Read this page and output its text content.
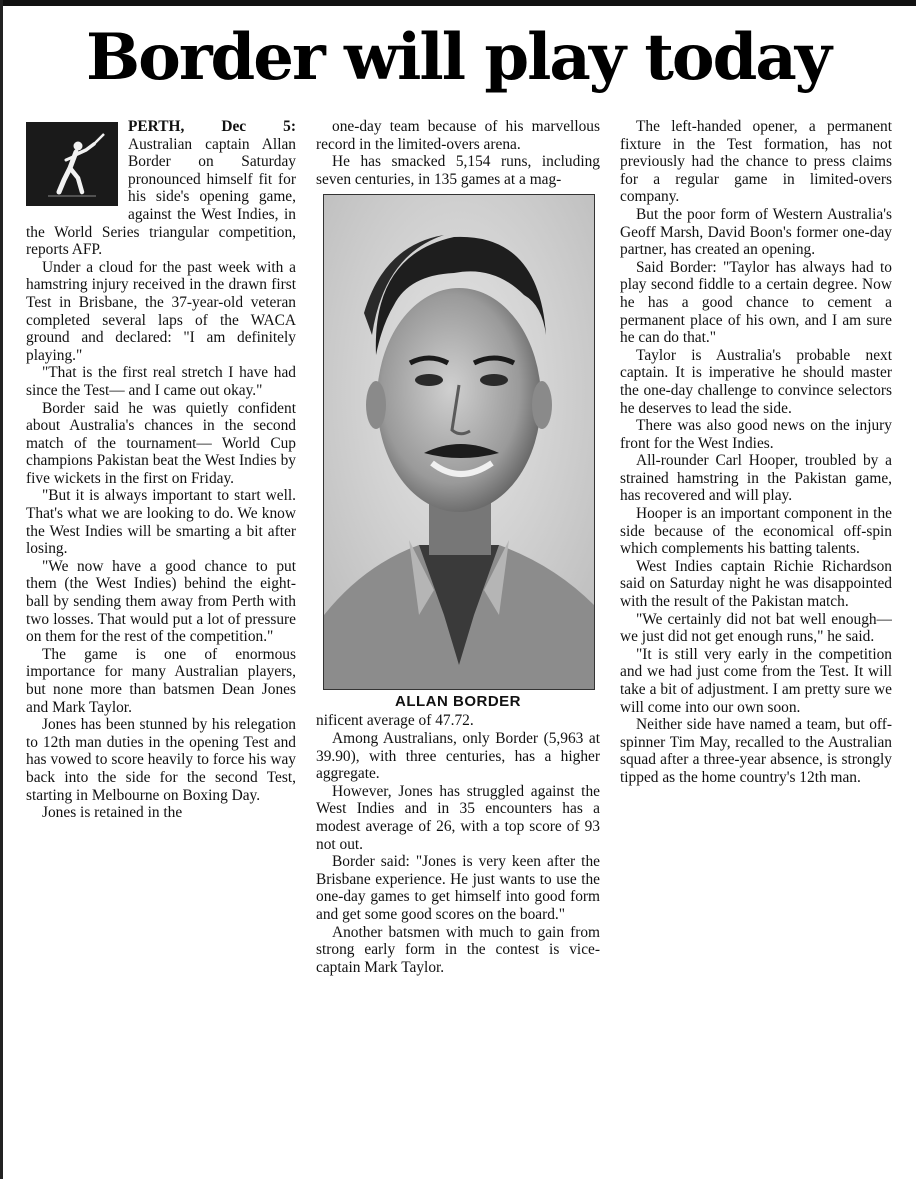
Border will play today

PERTH, Dec 5: Australian captain Allan Border on Saturday pronounced himself fit for his side's opening game, against the West Indies, in the World Series triangular competition, reports AFP.

Under a cloud for the past week with a hamstring injury received in the drawn first Test in Brisbane, the 37-year-old veteran completed several laps of the WACA ground and declared: "I am definitely playing."

"That is the first real stretch I have had since the Test— and I came out okay."

Border said he was quietly confident about Australia's chances in the second match of the tournament— World Cup champions Pakistan beat the West Indies by five wickets in the first on Friday.

"But it is always important to start well. That's what we are looking to do. We know the West Indies will be smarting a bit after losing.

"We now have a good chance to put them (the West Indies) behind the eight-ball by sending them away from Perth with two losses. That would put a lot of pressure on them for the rest of the competition."

The game is one of enormous importance for many Australian players, but none more than batsmen Dean Jones and Mark Taylor.

Jones has been stunned by his relegation to 12th man duties in the opening Test and has vowed to score heavily to force his way back into the side for the second Test, starting in Melbourne on Boxing Day.

Jones is retained in the

one-day team because of his marvellous record in the limited-overs arena.

He has smacked 5,154 runs, including seven centuries, in 135 games at a mag-

ALLAN BORDER

nificent average of 47.72.

Among Australians, only Border (5,963 at 39.90), with three centuries, has a higher aggregate.

However, Jones has struggled against the West Indies and in 35 encounters has a modest average of 26, with a top score of 93 not out.

Border said: "Jones is very keen after the Brisbane experience. He just wants to use the one-day games to get himself into good form and get some good scores on the board."

Another batsmen with much to gain from strong early form in the contest is vice-captain Mark Taylor.

The left-handed opener, a permanent fixture in the Test formation, has not previously had the chance to press claims for a regular game in limited-overs company.

But the poor form of Western Australia's Geoff Marsh, David Boon's former one-day partner, has created an opening.

Said Border: "Taylor has always had to play second fiddle to a certain degree. Now he has a good chance to cement a permanent place of his own, and I am sure he can do that."

Taylor is Australia's probable next captain. It is imperative he should master the one-day challenge to convince selectors he deserves to lead the side.

There was also good news on the injury front for the West Indies.

All-rounder Carl Hooper, troubled by a strained hamstring in the Pakistan game, has recovered and will play.

Hooper is an important component in the side because of the economical off-spin which complements his batting talents.

West Indies captain Richie Richardson said on Saturday night he was disappointed with the result of the Pakistan match.

"We certainly did not bat well enough— we just did not get enough runs," he said.

"It is still very early in the competition and we had just come from the Test. It will take a bit of adjustment. I am pretty sure we will come into our own soon.

Neither side have named a team, but off-spinner Tim May, recalled to the Australian squad after a three-year absence, is strongly tipped as the home country's 12th man.
